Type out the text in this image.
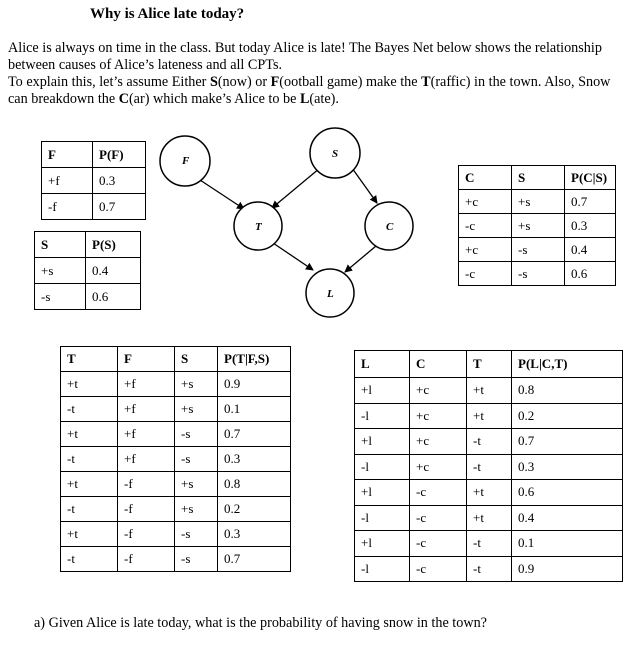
Why is Alice late today?

Alice is always on time in the class. But today Alice is late! The Bayes Net below shows the relationship between causes of Alice’s lateness and all CPTs.

To explain this, let’s assume Either S(now) or F(ootball game) make the T(raffic) in the town. Also, Snow can breakdown the C(ar) which make’s Alice to be L(ate).

F
S
T	C
L
F	P(F)
+f	0.3
-f	0.7
S	P(S)
+s	0.4
-s	0.6
C	S	P(C|S)
+c	+s	0.7
-c	+s	0.3
+c	-s	0.4
-c	-s	0.6
T	F	S	P(T|F,S)
+t	+f	+s	0.9
-t	+f	+s	0.1
+t	+f	-s	0.7
-t	+f	-s	0.3
+t	-f	+s	0.8
-t	-f	+s	0.2
+t	-f	-s	0.3
-t	-f	-s	0.7
L	C	T	P(L|C,T)
+l	+c	+t	0.8
-l	+c	+t	0.2
+l	+c	-t	0.7
-l	+c	-t	0.3
+l	-c	+t	0.6
-l	-c	+t	0.4
+l	-c	-t	0.1
-l	-c	-t	0.9
a) Given Alice is late today, what is the probability of having snow in the town?
